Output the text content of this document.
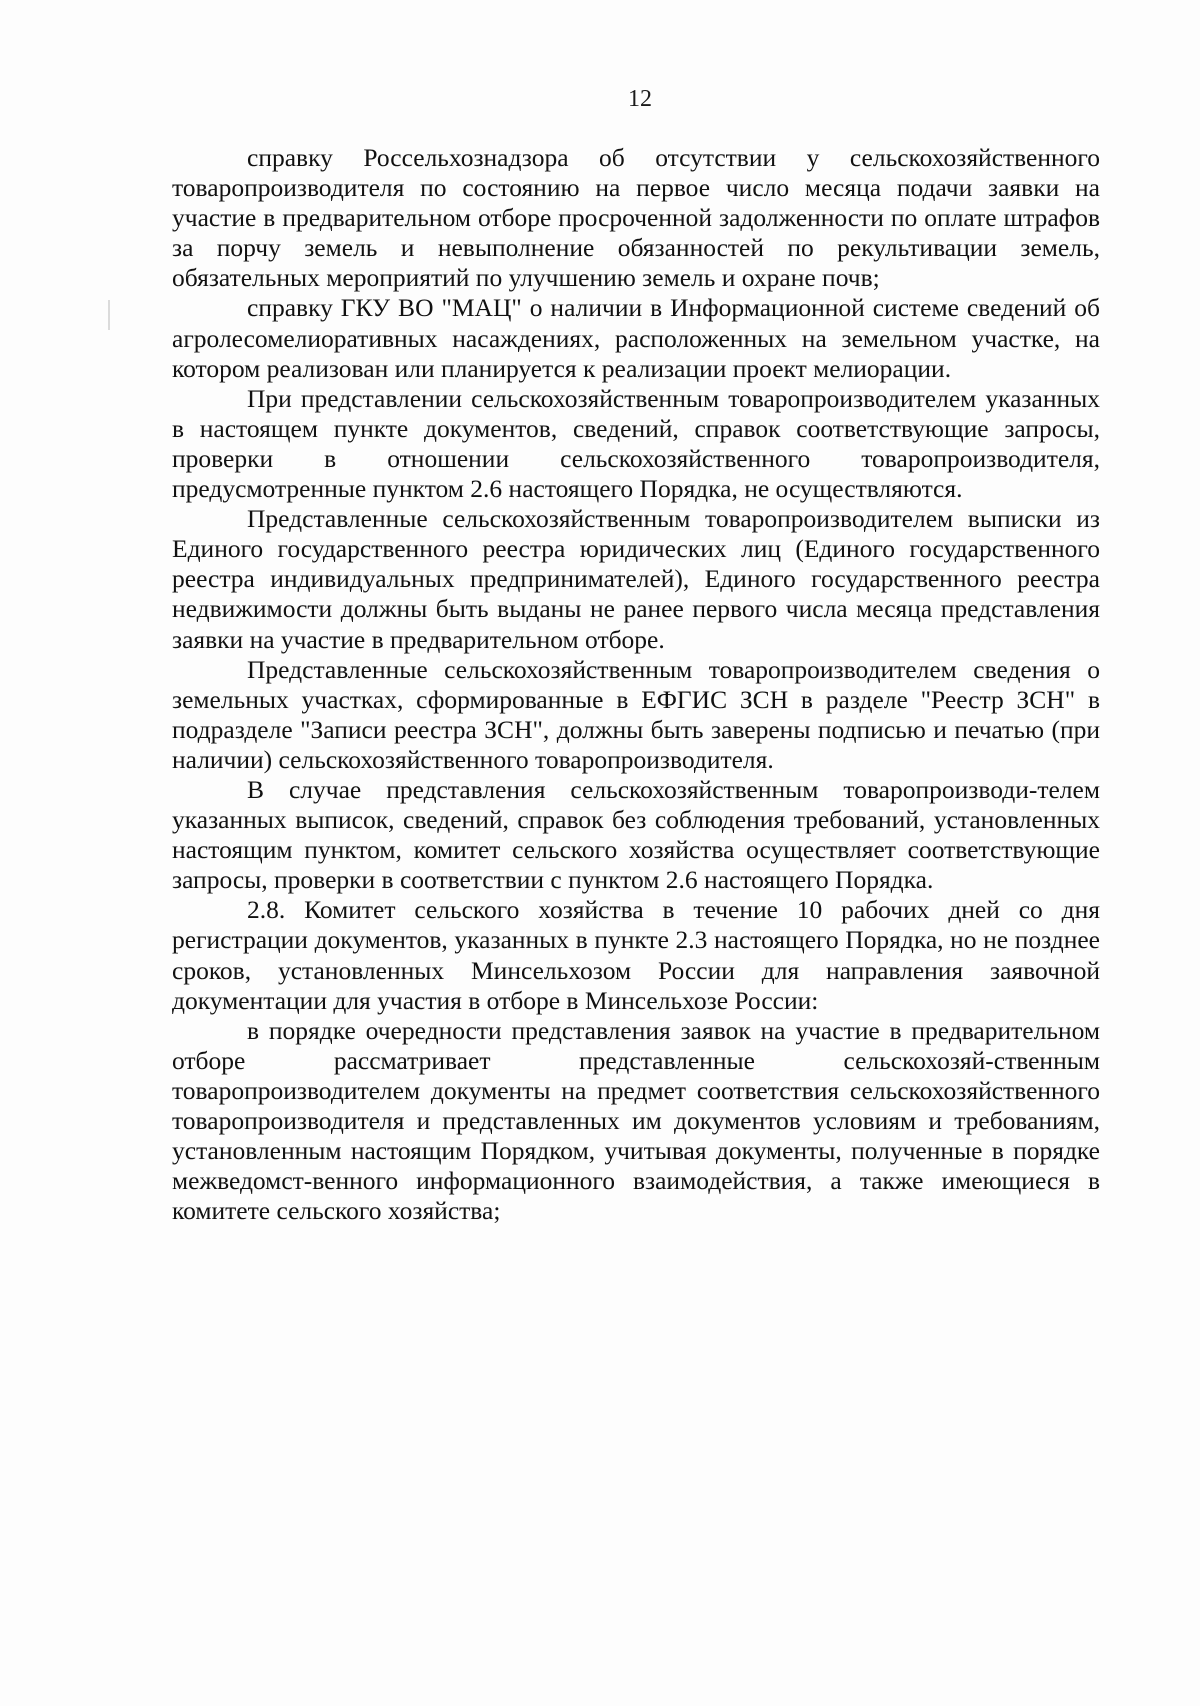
12

справку Россельхознадзора об отсутствии у сельскохозяйственного товаропроизводителя по состоянию на первое число месяца подачи заявки на участие в предварительном отборе просроченной задолженности по оплате штрафов за порчу земель и невыполнение обязанностей по рекультивации земель, обязательных мероприятий по улучшению земель и охране почв;

справку ГКУ ВО "МАЦ" о наличии в Информационной системе сведений об агролесомелиоративных насаждениях, расположенных на земельном участке, на котором реализован или планируется к реализации проект мелиорации.

При представлении сельскохозяйственным товаропроизводителем указанных в настоящем пункте документов, сведений, справок соответствующие запросы, проверки в отношении сельскохозяйственного товаропроизводителя, предусмотренные пунктом 2.6 настоящего Порядка, не осуществляются.

Представленные сельскохозяйственным товаропроизводителем выписки из Единого государственного реестра юридических лиц (Единого государственного реестра индивидуальных предпринимателей), Единого государственного реестра недвижимости должны быть выданы не ранее первого числа месяца представления заявки на участие в предварительном отборе.

Представленные сельскохозяйственным товаропроизводителем сведения о земельных участках, сформированные в ЕФГИС ЗСН в разделе "Реестр ЗСН" в подразделе "Записи реестра ЗСН", должны быть заверены подписью и печатью (при наличии) сельскохозяйственного товаропроизводителя.

В случае представления сельскохозяйственным товаропроизводи-телем указанных выписок, сведений, справок без соблюдения требований, установленных настоящим пунктом, комитет сельского хозяйства осуществляет соответствующие запросы, проверки в соответствии с пунктом 2.6 настоящего Порядка.

2.8. Комитет сельского хозяйства в течение 10 рабочих дней со дня регистрации документов, указанных в пункте 2.3 настоящего Порядка, но не позднее сроков, установленных Минсельхозом России для направления заявочной документации для участия в отборе в Минсельхозе России:

в порядке очередности представления заявок на участие в предварительном отборе рассматривает представленные сельскохозяй-ственным товаропроизводителем документы на предмет соответствия сельскохозяйственного товаропроизводителя и представленных им документов условиям и требованиям, установленным настоящим Порядком, учитывая документы, полученные в порядке межведомст-венного информационного взаимодействия, а также имеющиеся в комитете сельского хозяйства;
